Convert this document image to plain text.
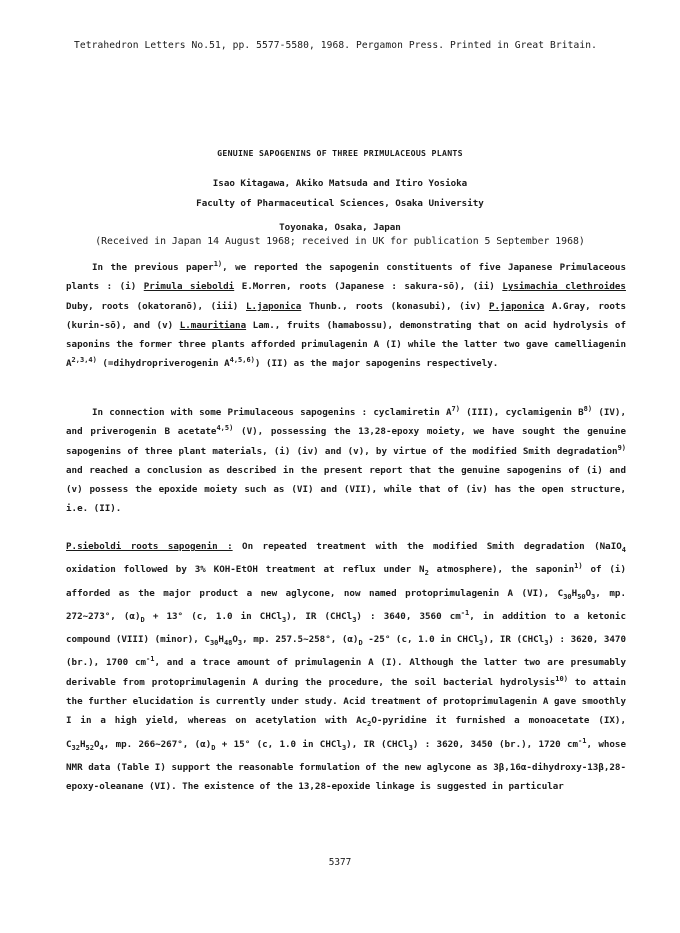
Tetrahedron Letters No.51, pp. 5577-5580, 1968. Pergamon Press. Printed in Great Britain.
GENUINE SAPOGENINS OF THREE PRIMULACEOUS PLANTS
Isao Kitagawa, Akiko Matsuda and Itiro Yosioka
Faculty of Pharmaceutical Sciences, Osaka University
Toyonaka, Osaka, Japan
(Received in Japan 14 August 1968; received in UK for publication 5 September 1968)
In the previous paper$^{1)}$, we reported the sapogenin constituents of five Japanese Primulaceous plants : (i) Primula sieboldi E.Morren, roots (Japanese : sakura-sō), (ii) Lysimachia clethroides Duby, roots (okatoranō), (iii) L.japonica Thunb., roots (konasubi), (iv) P.japonica A.Gray, roots (kurin-sō), and (v) L.mauritiana Lam., fruits (hamabossu), demonstrating that on acid hydrolysis of saponins the former three plants afforded primulagenin A (I) while the latter two gave camelliagenin A$^{2,3,4)}$ (=dihydropriverogenin A$^{4,5,6)}$) (II) as the major sapogenins respectively.
In connection with some Primulaceous sapogenins : cyclamiretin $A^{7)}$ (III), cyclamigenin $B^{8)}$ (IV), and priverogenin B acetate$^{4,5)}$ (V), possessing the 13,28-epoxy moiety, we have sought the genuine sapogenins of three plant materials, (i) (iv) and (v), by virtue of the modified Smith degradation$^{9)}$ and reached a conclusion as described in the present report that the genuine sapogenins of (i) and (v) possess the epoxide moiety such as (VI) and (VII), while that of (iv) has the open structure, i.e. (II).
P.sieboldi roots sapogenin : On repeated treatment with the modified Smith degradation (NaIO$_4$ oxidation followed by 3% KOH-EtOH treatment at reflux under $N_2$ atmosphere), the saponin$^{1)}$ of (i) afforded as the major product a new aglycone, now named protoprimulagenin A (VI), $C_{30}H_{50}O_3$, mp. 272~273°, $(\alpha)_D + 13^\circ$ (c, 1.0 in CHCl$_3$), IR (CHCl$_3$) : 3640, 3560 $cm^{-1}$, in addition to a ketonic compound (VIII) (minor), $C_{30}H_{48}O_3$, mp. 257.5~258°, $(\alpha)_D$ -25° (c, 1.0 in CHCl$_3$), IR (CHCl$_3$) : 3620, 3470 (br.), 1700 $cm^{-1}$, and a trace amount of primulagenin A (I). Although the latter two are presumably derivable from protoprimulagenin A during the procedure, the soil bacterial hydrolysis$^{10)}$ to attain the further elucidation is currently under study. Acid treatment of protoprimulagenin A gave smoothly I in a high yield, whereas on acetylation with $Ac_2O$-pyridine it furnished a monoacetate (IX), $C_{32}H_{52}O_4$, mp. 266~267°, $(\alpha)_D + 15^\circ$ (c, 1.0 in CHCl$_3$), IR (CHCl$_3$) : 3620, 3450 (br.), 1720 $cm^{-1}$, whose NMR data (Table I) support the reasonable formulation of the new aglycone as 3β,16α-dihydroxy-13β,28-epoxy-oleanane (VI). The existence of the 13,28-epoxide linkage is suggested in particular
5377
